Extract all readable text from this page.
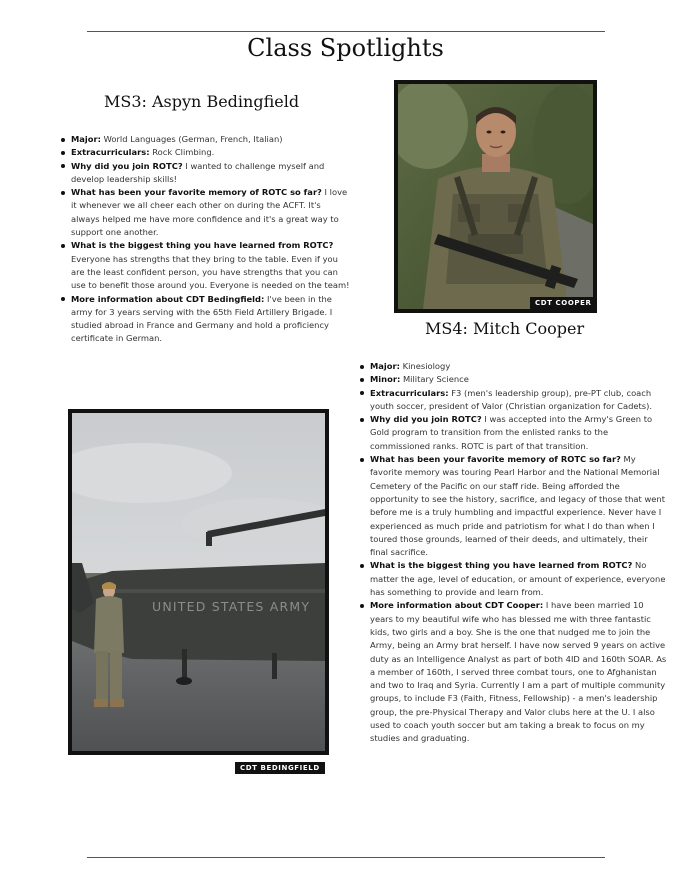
Class Spotlights
MS3: Aspyn Bedingfield
Major: World Languages (German, French, Italian)
Extracurriculars: Rock Climbing.
Why did you join ROTC? I wanted to challenge myself and develop leadership skills!
What has been your favorite memory of ROTC so far? I love it whenever we all cheer each other on during the ACFT. It's always helped me have more confidence and it's a great way to support one another.
What is the biggest thing you have learned from ROTC? Everyone has strengths that they bring to the table. Even if you are the least confident person, you have strengths that you can use to benefit those around you. Everyone is needed on the team!
More information about CDT Bedingfield: I've been in the army for 3 years serving with the 65th Field Artillery Brigade. I studied abroad in France and Germany and hold a proficiency certificate in German.
UNITED STATES ARMY
CDT BEDINGFIELD
CDT COOPER
MS4: Mitch Cooper
Major: Kinesiology
Minor: Military Science
Extracurriculars: F3 (men's leadership group), pre-PT club, coach youth soccer, president of Valor (Christian organization for Cadets).
Why did you join ROTC? I was accepted into the Army's Green to Gold program to transition from the enlisted ranks to the commissioned ranks. ROTC is part of that transition.
What has been your favorite memory of ROTC so far? My favorite memory was touring Pearl Harbor and the National Memorial Cemetery of the Pacific on our staff ride. Being afforded the opportunity to see the history, sacrifice, and legacy of those that went before me is a truly humbling and impactful experience. Never have I experienced as much pride and patriotism for what I do than when I toured those grounds, learned of their deeds, and ultimately, their final sacrifice.
What is the biggest thing you have learned from ROTC? No matter the age, level of education, or amount of experience, everyone has something to provide and learn from.
More information about CDT Cooper: I have been married 10 years to my beautiful wife who has blessed me with three fantastic kids, two girls and a boy. She is the one that nudged me to join the Army, being an Army brat herself. I have now served 9 years on active duty as an Intelligence Analyst as part of both 4ID and 160th SOAR. As a member of 160th, I served three combat tours, one to Afghanistan and two to Iraq and Syria. Currently I am a part of multiple community groups, to include F3 (Faith, Fitness, Fellowship) - a men's leadership group, the pre-Physical Therapy and Valor clubs here at the U. I also used to coach youth soccer but am taking a break to focus on my studies and graduating.
